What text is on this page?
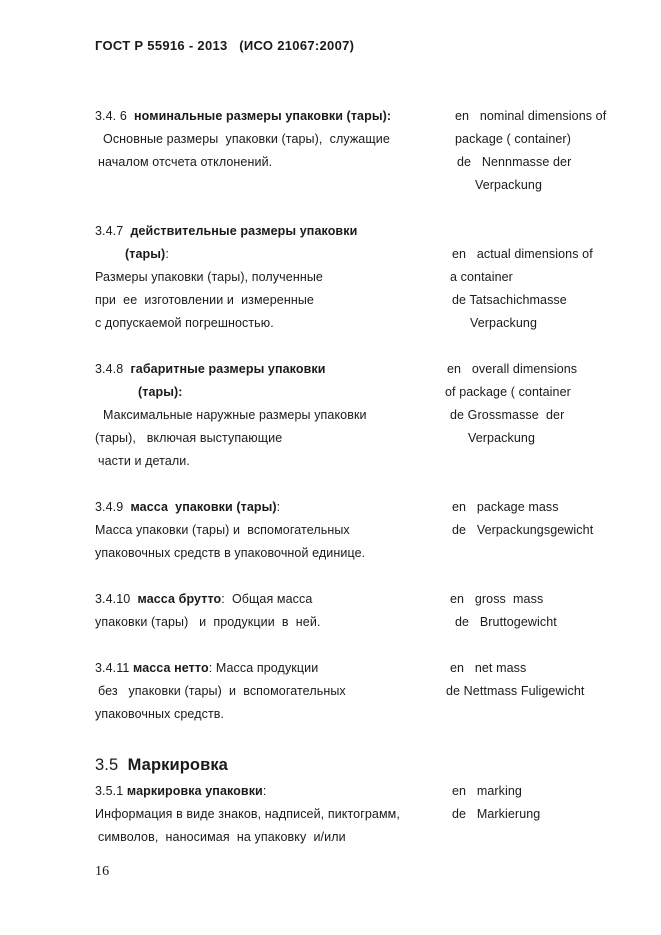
ГОСТ Р 55916 - 2013   (ИСО 21067:2007)
3.4. 6 номинальные размеры упаковки (тары):
Основные размеры  упаковки (тары),  служащие
началом отсчета отклонений.
en   nominal dimensions of
package ( container)
de   Nennmasse der
Verpackung
3.4.7 действительные размеры упаковки
(тары):
Размеры упаковки (тары), полученные
при  ее  изготовлении и  измеренные
с допускаемой погрешностью.
en   actual dimensions of
a container
de Tatsachichmasse
Verpackung
3.4.8 габаритные размеры упаковки
(тары):
Максимальные наружные размеры упаковки
(тары),   включая выступающие
части и детали.
en   overall dimensions
of package ( container
de Grossmasse  der
Verpackung
3.4.9 масса  упаковки (тары):
Масса упаковки (тары) и  вспомогательных
упаковочных средств в упаковочной единице.
en   package mass
de   Verpackungsgewicht
3.4.10 масса брутто:  Общая масса
упаковки (тары)   и  продукции  в  ней.
en   gross  mass
de   Bruttogewicht
3.4.11 масса нетто: Масса продукции
без   упаковки (тары)  и  вспомогательных
упаковочных средств.
en   net mass
de Nettmass Fuligewicht
3.5 Маркировка
3.5.1 маркировка упаковки:
Информация в виде знаков, надписей, пиктограмм,
символов,  наносимая  на упаковку  и/или
en   marking
de   Markierung
16
